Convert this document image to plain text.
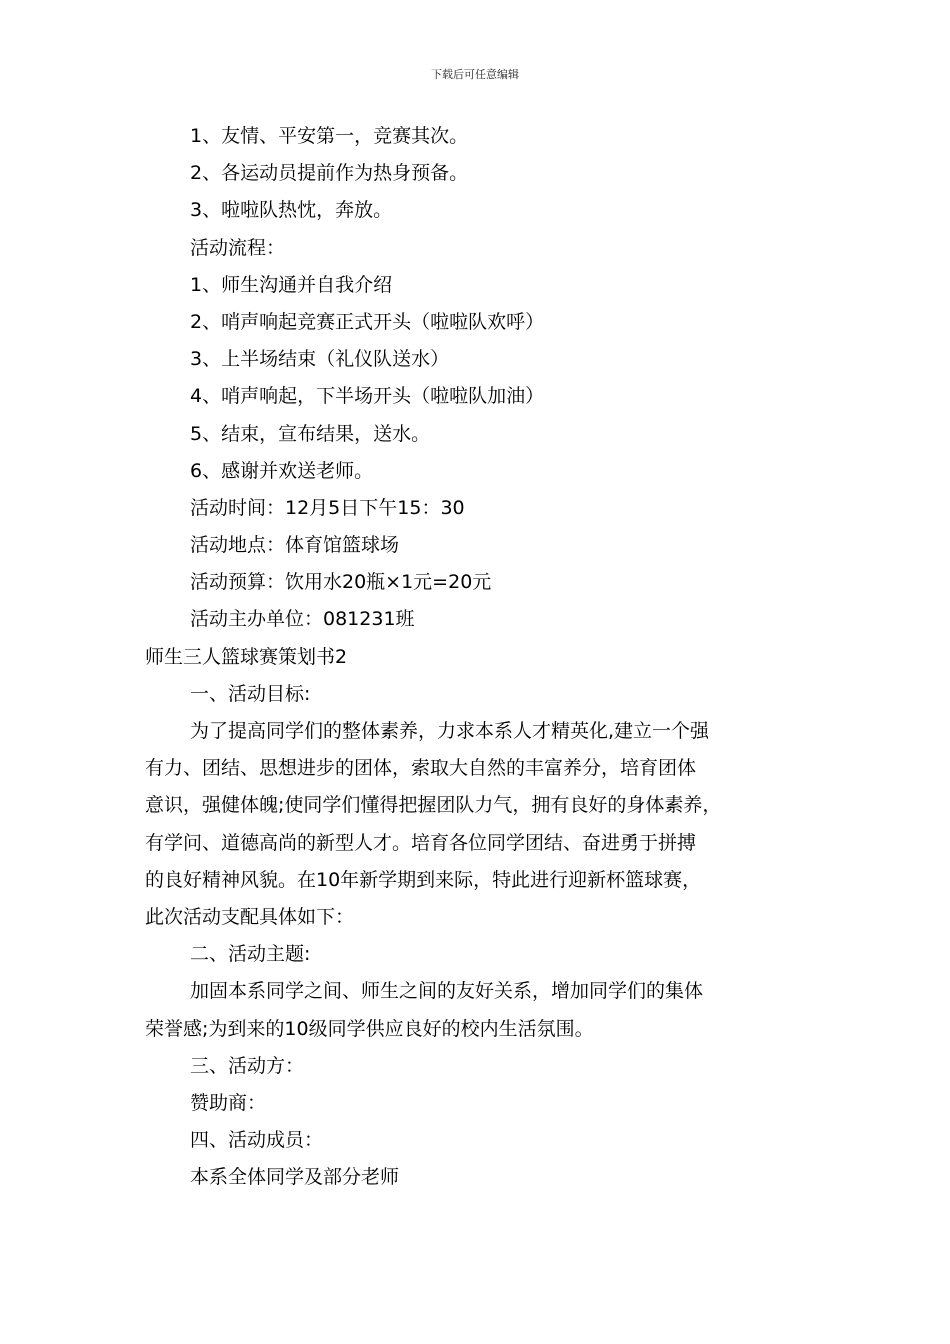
下载后可任意编辑
1、友情、平安第一，竞赛其次。
2、各运动员提前作为热身预备。
3、啦啦队热忱，奔放。
活动流程：
1、师生沟通并自我介绍
2、哨声响起竞赛正式开头（啦啦队欢呼）
3、上半场结束（礼仪队送水）
4、哨声响起，下半场开头（啦啦队加油）
5、结束，宣布结果，送水。
6、感谢并欢送老师。
活动时间：12月5日下午15：30
活动地点：体育馆篮球场
活动预算：饮用水20瓶×1元=20元
活动主办单位：081231班
师生三人篮球赛策划书2
一、活动目标:
为了提高同学们的整体素养，力求本系人才精英化,建立一个强
有力、团结、思想进步的团体，索取大自然的丰富养分，培育团体
意识，强健体魄;使同学们懂得把握团队力气，拥有良好的身体素养，
有学问、道德高尚的新型人才。培育各位同学团结、奋进勇于拼搏
的良好精神风貌。在10年新学期到来际，特此进行迎新杯篮球赛，
此次活动支配具体如下：
二、活动主题:
加固本系同学之间、师生之间的友好关系，增加同学们的集体
荣誉感;为到来的10级同学供应良好的校内生活氛围。
三、活动方：
赞助商：
四、活动成员：
本系全体同学及部分老师
